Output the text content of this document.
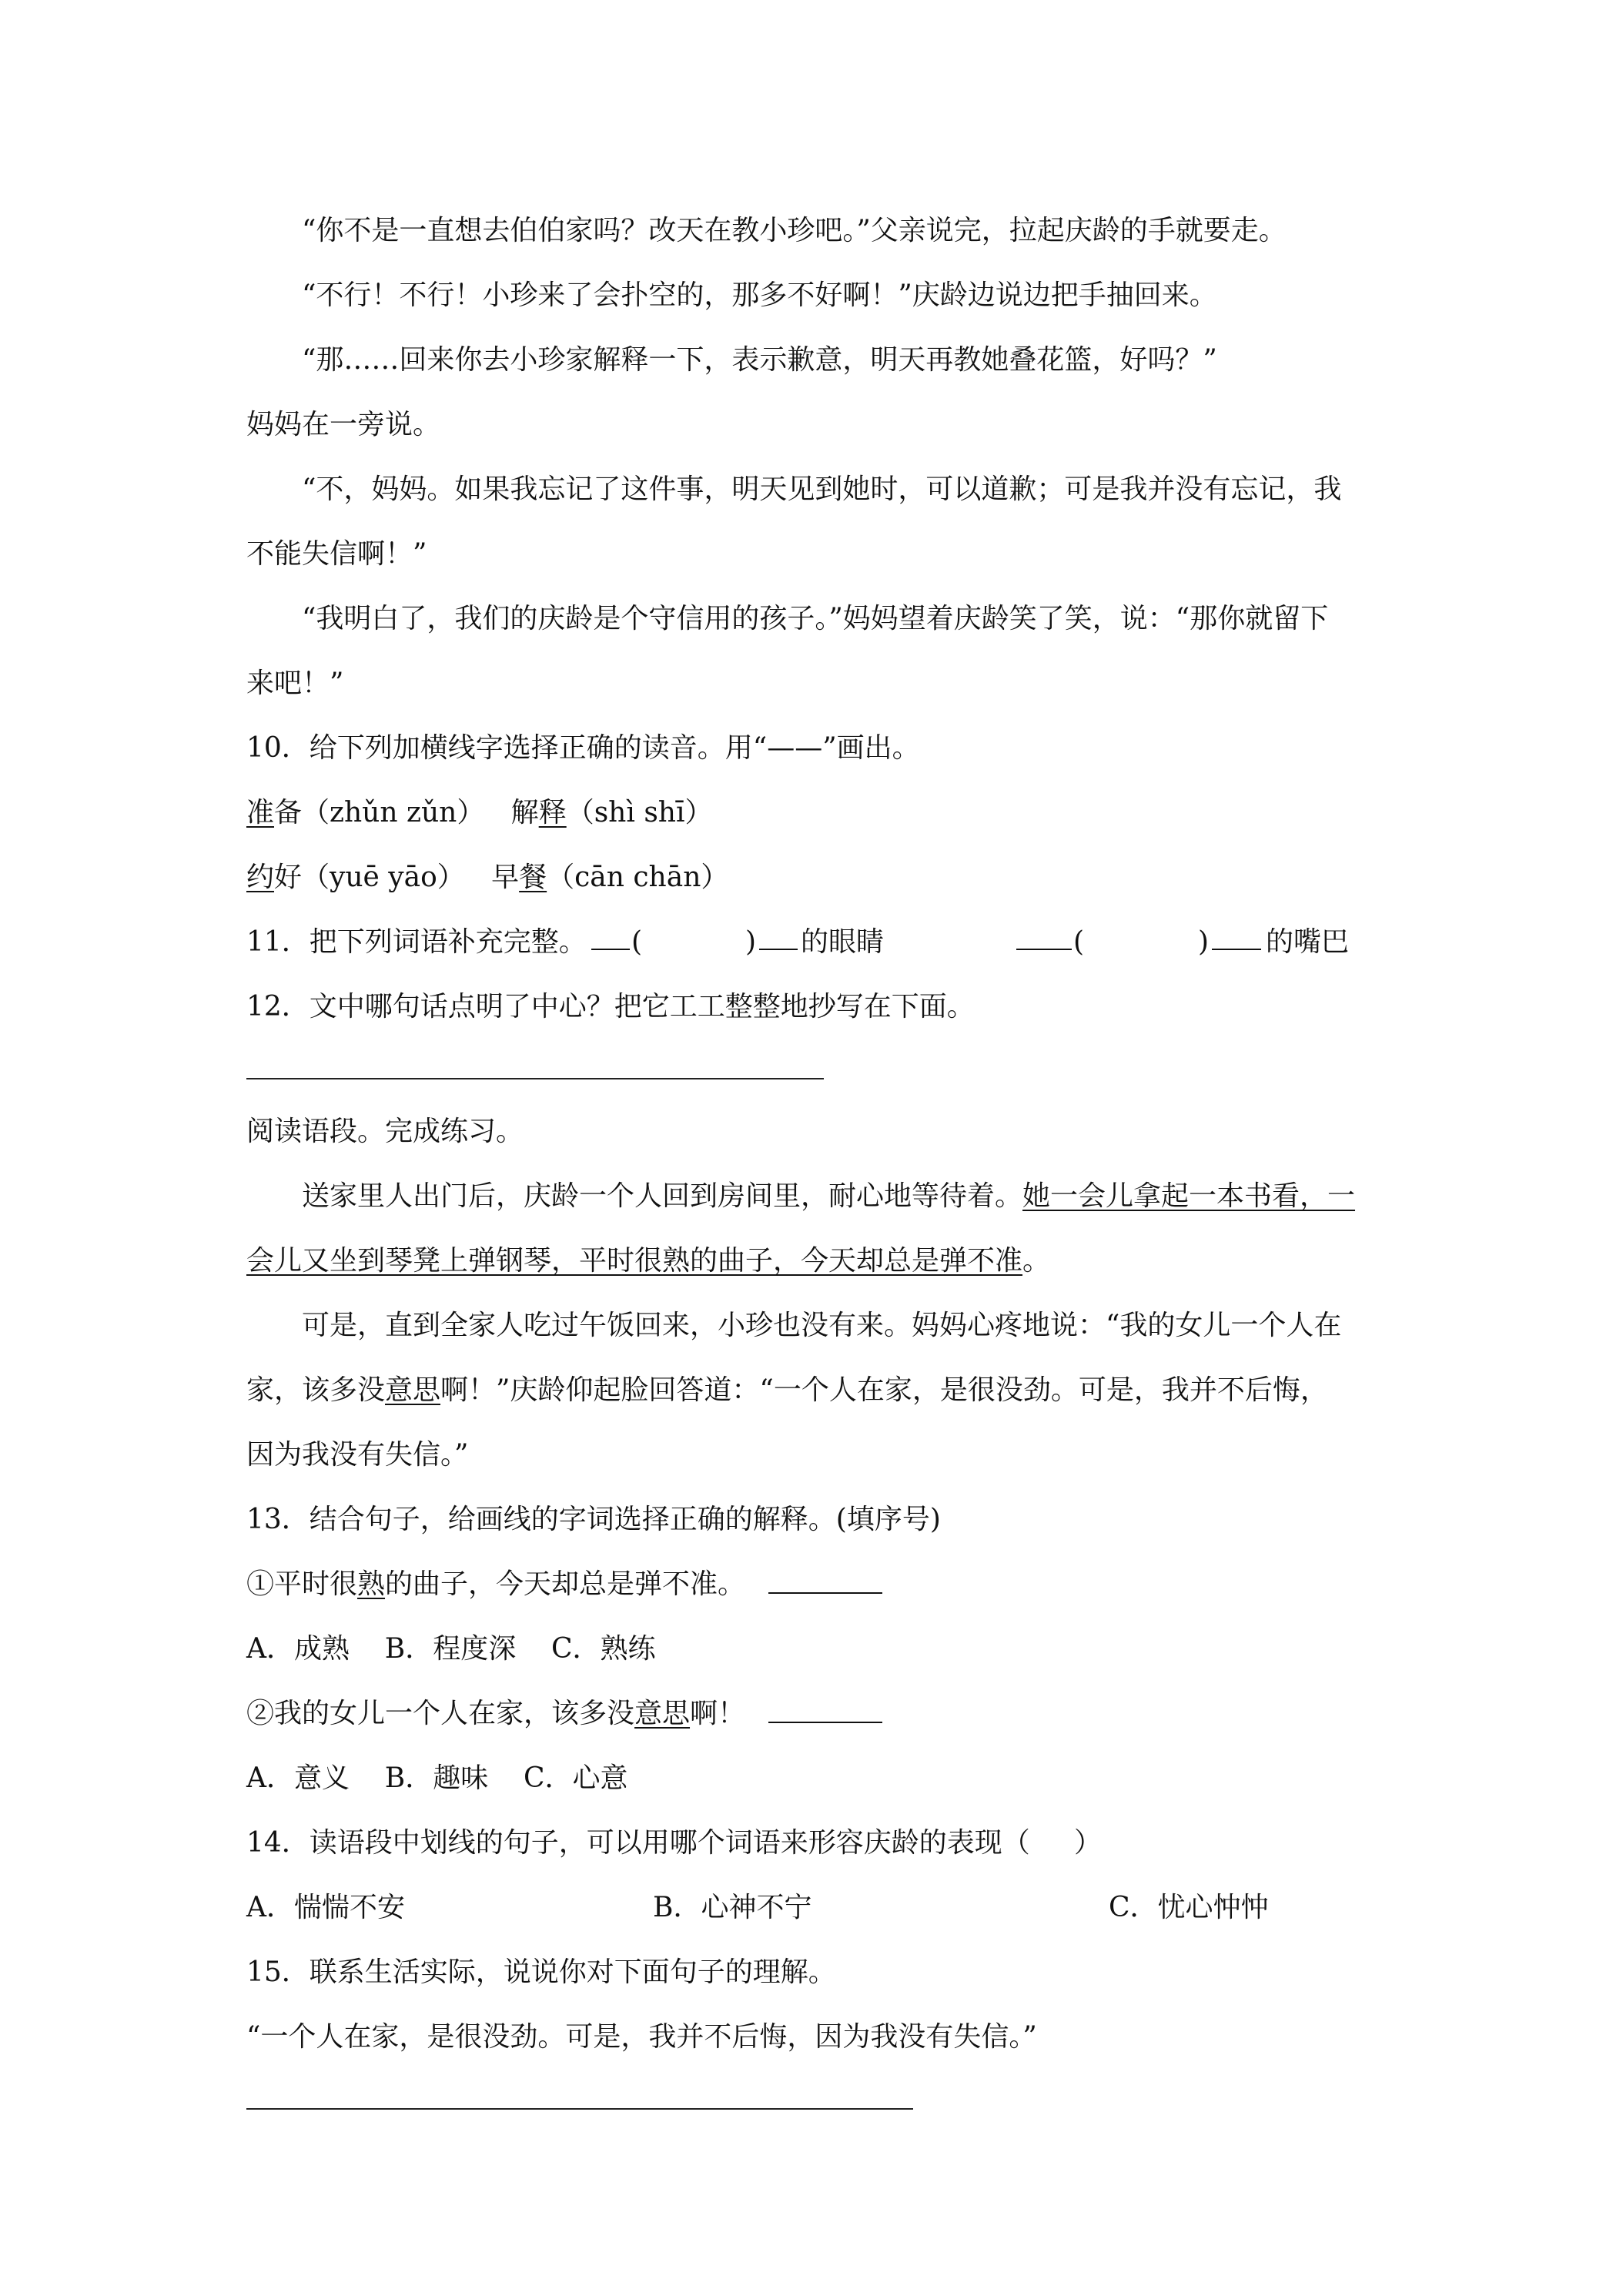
“你不是一直想去伯伯家吗？改天在教小珍吧。”父亲说完，拉起庆龄的手就要走。
“不行！不行！小珍来了会扑空的，那多不好啊！”庆龄边说边把手抽回来。
“那……回来你去小珍家解释一下，表示歉意，明天再教她叠花篮，好吗？”
妈妈在一旁说。
“不，妈妈。如果我忘记了这件事，明天见到她时，可以道歉；可是我并没有忘记，我
不能失信啊！”
“我明白了，我们的庆龄是个守信用的孩子。”妈妈望着庆龄笑了笑，说：“那你就留下
来吧！”
10．给下列加横线字选择正确的读音。用“——”画出。
准备（zhǔn zǔn） 解释（shì shī）
约好（yuē yāo） 早餐（cān chān）
11．把下列词语补充完整。 (	) 的眼睛	(	) 的嘴巴
12．文中哪句话点明了中心？把它工工整整地抄写在下面。
阅读语段。完成练习。
送家里人出门后，庆龄一个人回到房间里，耐心地等待着。她一会儿拿起一本书看，一
会儿又坐到琴凳上弹钢琴，平时很熟的曲子，今天却总是弹不准。
可是，直到全家人吃过午饭回来，小珍也没有来。妈妈心疼地说：“我的女儿一个人在
家，该多没意思啊！”庆龄仰起脸回答道：“一个人在家，是很没劲。可是，我并不后悔，
因为我没有失信。”
13．结合句子，给画线的字词选择正确的解释。(填序号)
①平时很熟的曲子，今天却总是弹不准。
A．成熟    B．程度深    C．熟练
②我的女儿一个人在家，该多没意思啊！
A．意义    B．趣味    C．心意
14．读语段中划线的句子，可以用哪个词语来形容庆龄的表现（     ）
A．惴惴不安	B．心神不宁	C．忧心忡忡
15．联系生活实际，说说你对下面句子的理解。
“一个人在家，是很没劲。可是，我并不后悔，因为我没有失信。”
